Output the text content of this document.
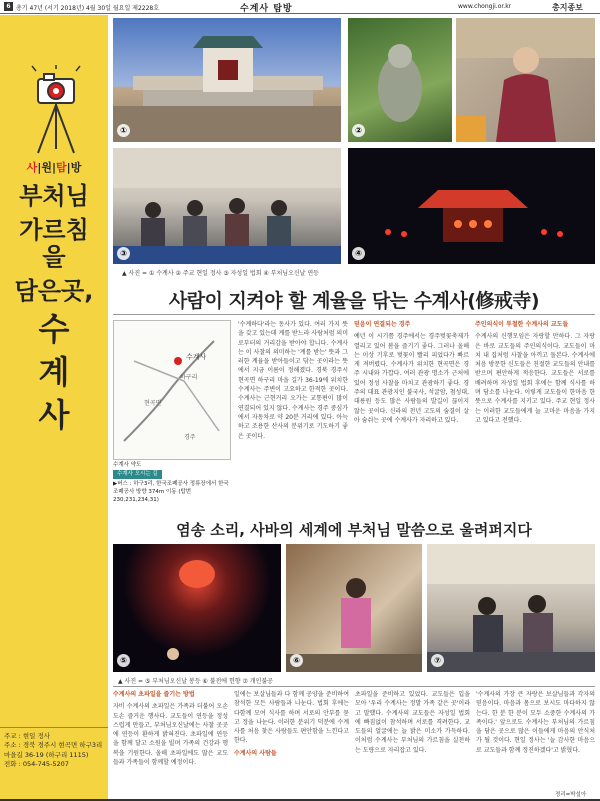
6 총기 47년 (서기 2018년) 4월 30일 월요일 제2228호	수계사 탐방	www.chongji.or.kr	총지종보
사|원|탐|방
부처님
가르침을
담은곳,
수
계
사
주교 : 현일 정사
주소 : 경북 경주시 현곡면 하구3리 마을길 36-19 (하구리 1115)
전화 : 054-745-5207
①	②
③	④
▲ 사진 = ① 수계사 ② 주교 현일 정사 ③ 자성일 법회 ④ 부처님오신날 연등
사람이 지켜야 할 계율을 닦는 수계사(修戒寺)
수계사
하구리
현곡면
경주
수계사 약도
수계사 오시는 길
▶버스 : 하구3리, 한국조폐공사 정류장에서 한국조폐공사 방향 374m 이동 (탑번 230,231,234,31)
'수계하다'라는 동사가 있다. 여러 가지 뜻을 갖고 있는데 계를 받느라 사람처럼 의미로부터의 거리감을 받아야 합니다. 수계사는 이 사찰의 의미하는 '계를 받는' 뜻과 그러한 계율을 받아들이고 닦는 곳이라는 뜻에서 지금 이름이 정해졌다. 경북 경주시 현곡면 하구리 마을 길가 36-19에 위치한 수계사는 주변이 고요하고 한적한 곳이다. 수계사는 근현거리 오가는 교통편이 많이 연결되어 있지 않다. 수계사는 경주 중심가에서 자동차로 약 20분 거리에 있다. 아늑하고 조용한 산사의 분위기로 기도하기 좋은 곳이다.
믿음이 연결되는 경주
예년 이 시기쯤 경주에서는 경주벚꽃축제가 열리고 있어 봄을 즐기기 좋다. 그러나 올해는 이상 기후로 벚꽃이 빨리 피었다가 빠르게 져버렸다. 수계사가 위치한 현곡면은 경주 시내와 가깝다. 여러 관광 명소가 근처에 있어 정성 사찰을 마치고 관광하기 좋다. 경주의 대표 관광지인 불국사, 석굴암, 첨성대, 대릉원 등도 많은 사람들의 발길이 끊이지 않는 곳이다. 신라의 천년 고도의 숨결이 살아 숨쉬는 곳에 수계사가 자리하고 있다.
주인의식이 투철한 수계사의 교도들
수계사의 신행모임은 자랑할 만하다. 그 자랑은 바로 교도들의 주인의식이다. 교도들이 마치 내 집처럼 사찰을 아끼고 돌본다. 수계사에 처음 방문한 신도들은 친절한 교도들의 안내를 받으며 편안하게 적응한다. 교도들은 서로를 배려하며 자성일 법회 후에는 함께 식사를 하며 담소를 나눈다. 이렇게 교도들이 한마음 한뜻으로 수계사를 지키고 있다. 주교 현일 정사는 이러한 교도들에게 늘 고마운 마음을 가지고 있다고 전했다.
염송 소리, 사바의 세계에 부처님 말씀으로 울려퍼지다
⑤	⑥	⑦
▲ 사진 = ⑤ 부처님오신날 봉등 ⑥ 불전에 헌향 ⑦ 개인불공
수계사의 초파일을 즐기는 방법
자비 수계사의 초파일은 가족과 더불어 오손도손 즐거운 행사다. 교도들이 연등을 정성스럽게 만들고, 부처님오신날에는 사찰 곳곳에 연등이 환하게 밝혀진다. 초파일에 연등을 함께 달고 소원을 빌며 가족의 건강과 행복을 기원한다. 올해 초파일에도 많은 교도들과 가족들이 함께할 예정이다.
일에는 보살님들과 다 함께 공양을 준비하여 참석한 모든 사람들과 나눈다. 법회 후에는 다함께 모여 식사를 하며 서로의 안부를 묻고 정을 나눈다. 이러한 분위기 덕분에 수계사를 처음 찾은 사람들도 편안함을 느낀다고 한다.
수계사의 사람들
초파일을 준비하고 있었다. 교도들은 입을 모아 '우리 수계사는 정말 가족 같은 곳'이라고 말했다. 수계사의 교도들은 자성일 법회에 빠짐없이 참석하며 서로를 격려한다. 교도들의 얼굴에는 늘 밝은 미소가 가득하다. 이처럼 수계사는 부처님의 가르침을 실천하는 도량으로 자리잡고 있다.
'수계사의 가장 큰 자랑은 보살님들과 각자의 믿음이다. 마음과 몸으로 보시도 마다하지 않는다. 한 분 한 분이 모두 소중한 수계사의 가족이다.' 앞으로도 수계사는 부처님의 가르침을 담은 곳으로 많은 이들에게 마음의 안식처가 될 것이다. 현일 정사는 '늘 감사한 마음으로 교도들과 함께 정진하겠다'고 밝혔다.
정리=박설아
